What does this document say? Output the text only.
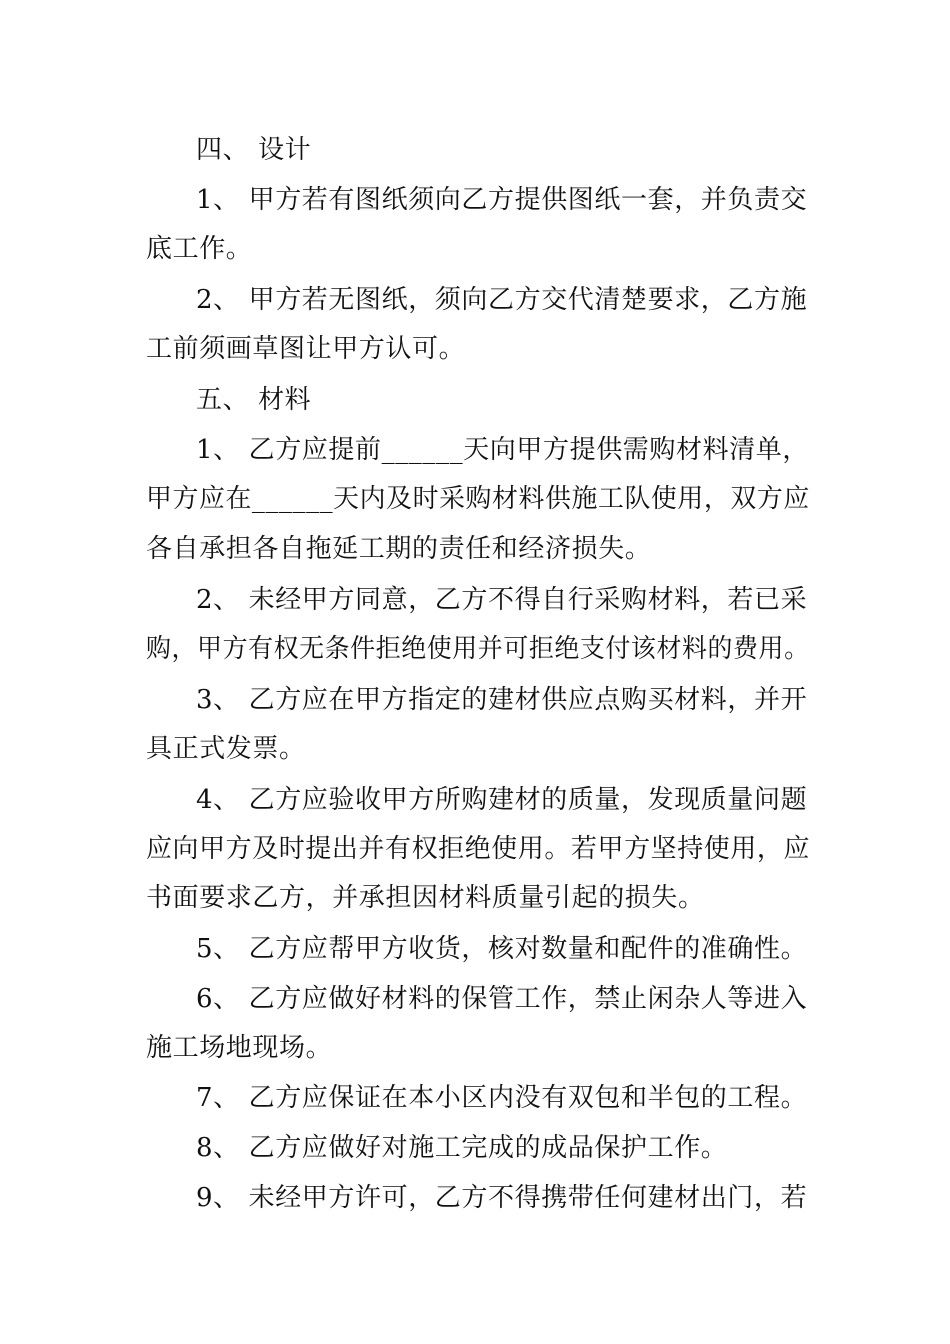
四、 设计
1、 甲方若有图纸须向乙方提供图纸一套，并负责交
底工作。
2、 甲方若无图纸，须向乙方交代清楚要求，乙方施
工前须画草图让甲方认可。
五、 材料
1、 乙方应提前______天向甲方提供需购材料清单，
甲方应在______天内及时采购材料供施工队使用，双方应
各自承担各自拖延工期的责任和经济损失。
2、 未经甲方同意，乙方不得自行采购材料，若已采
购，甲方有权无条件拒绝使用并可拒绝支付该材料的费用。
3、 乙方应在甲方指定的建材供应点购买材料，并开
具正式发票。
4、 乙方应验收甲方所购建材的质量，发现质量问题
应向甲方及时提出并有权拒绝使用。若甲方坚持使用，应
书面要求乙方，并承担因材料质量引起的损失。
5、 乙方应帮甲方收货，核对数量和配件的准确性。
6、 乙方应做好材料的保管工作，禁止闲杂人等进入
施工场地现场。
7、 乙方应保证在本小区内没有双包和半包的工程。
8、 乙方应做好对施工完成的成品保护工作。
9、 未经甲方许可，乙方不得携带任何建材出门，若
